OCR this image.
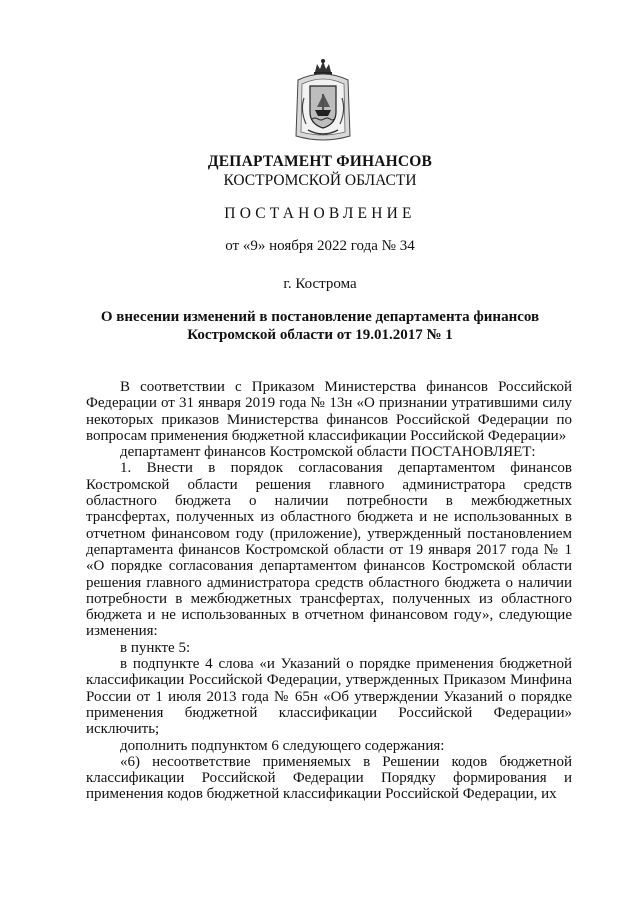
ДЕПАРТАМЕНТ ФИНАНСОВ
КОСТРОМСКОЙ ОБЛАСТИ
ПОСТАНОВЛЕНИЕ
от «9» ноября 2022 года № 34
г. Кострома
О внесении изменений в постановление департамента финансов
Костромской области от 19.01.2017 № 1

В соответствии с Приказом Министерства финансов Российской Федерации от 31 января 2019 года № 13н «О признании утратившими силу некоторых приказов Министерства финансов Российской Федерации по вопросам применения бюджетной классификации Российской Федерации»

департамент финансов Костромской области ПОСТАНОВЛЯЕТ:

1. Внести в порядок согласования департаментом финансов Костромской области решения главного администратора средств областного бюджета о наличии потребности в межбюджетных трансфертах, полученных из областного бюджета и не использованных в отчетном финансовом году (приложение), утвержденный постановлением департамента финансов Костромской области от 19 января 2017 года № 1 «О порядке согласования департаментом финансов Костромской области решения главного администратора средств областного бюджета о наличии потребности в межбюджетных трансфертах, полученных из областного бюджета и не использованных в отчетном финансовом году», следующие изменения:

в пункте 5:

в подпункте 4 слова «и Указаний о порядке применения бюджетной классификации Российской Федерации, утвержденных Приказом Минфина России от 1 июля 2013 года № 65н «Об утверждении Указаний о порядке применения бюджетной классификации Российской Федерации» исключить;

дополнить подпунктом 6 следующего содержания:

«6) несоответствие применяемых в Решении кодов бюджетной классификации Российской Федерации Порядку формирования и применения кодов бюджетной классификации Российской Федерации, их
